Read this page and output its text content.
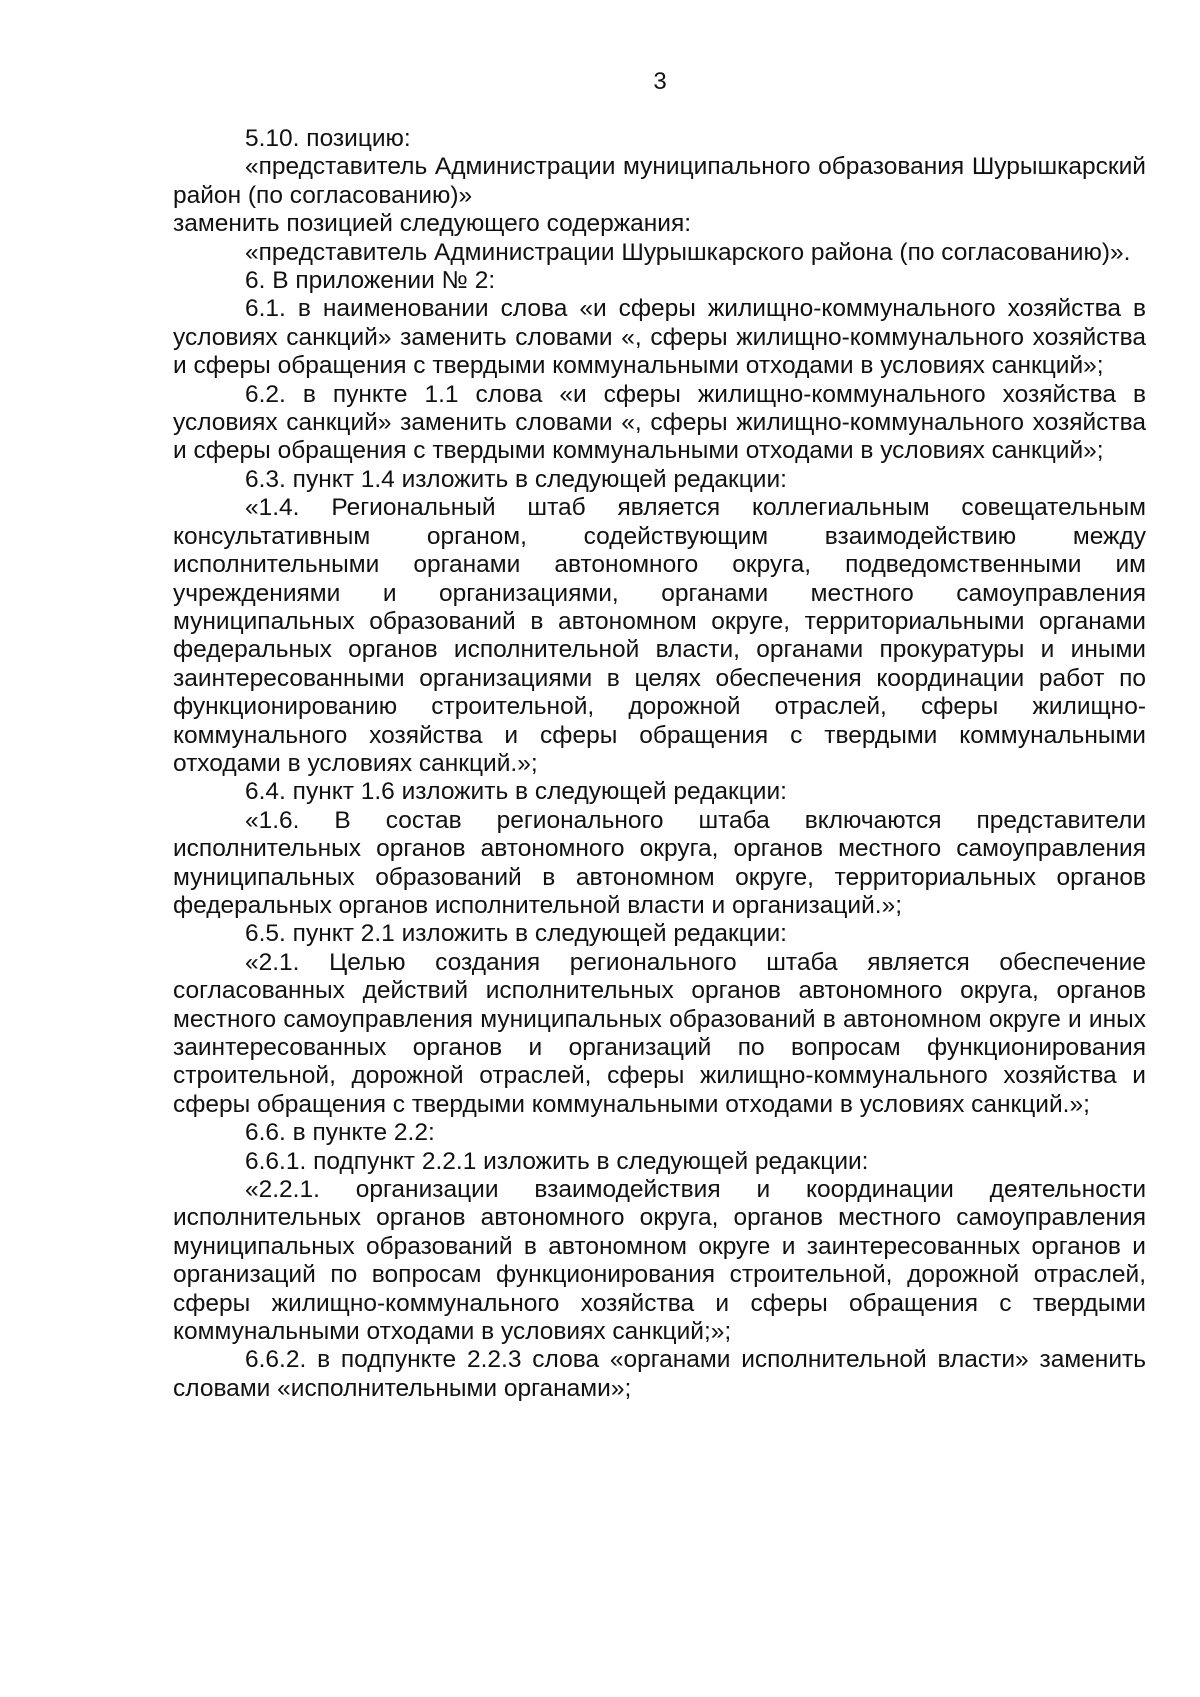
3

5.10. позицию:

«представитель Администрации муниципального образования Шурышкарский район (по согласованию)»

заменить позицией следующего содержания:

«представитель Администрации Шурышкарского района (по согласованию)».

6. В приложении № 2:

6.1. в наименовании слова «и сферы жилищно-коммунального хозяйства в условиях санкций» заменить словами «, сферы жилищно-коммунального хозяйства и сферы обращения с твердыми коммунальными отходами в условиях санкций»;

6.2. в пункте 1.1 слова «и сферы жилищно-коммунального хозяйства в условиях санкций» заменить словами «, сферы жилищно-коммунального хозяйства и сферы обращения с твердыми коммунальными отходами в условиях санкций»;

6.3. пункт 1.4 изложить в следующей редакции:

«1.4. Региональный штаб является коллегиальным совещательным консультативным органом, содействующим взаимодействию между исполнительными органами автономного округа, подведомственными им учреждениями и организациями, органами местного самоуправления муниципальных образований в автономном округе, территориальными органами федеральных органов исполнительной власти, органами прокуратуры и иными заинтересованными организациями в целях обеспечения координации работ по функционированию строительной, дорожной отраслей, сферы жилищно-коммунального хозяйства и сферы обращения с твердыми коммунальными отходами в условиях санкций.»;

6.4. пункт 1.6 изложить в следующей редакции:

«1.6. В состав регионального штаба включаются представители исполнительных органов автономного округа, органов местного самоуправления муниципальных образований в автономном округе, территориальных органов федеральных органов исполнительной власти и организаций.»;

6.5. пункт 2.1 изложить в следующей редакции:

«2.1. Целью создания регионального штаба является обеспечение согласованных действий исполнительных органов автономного округа, органов местного самоуправления муниципальных образований в автономном округе и иных заинтересованных органов и организаций по вопросам функционирования строительной, дорожной отраслей, сферы жилищно-коммунального хозяйства и сферы обращения с твердыми коммунальными отходами в условиях санкций.»;

6.6. в пункте 2.2:

6.6.1. подпункт 2.2.1 изложить в следующей редакции:

«2.2.1. организации взаимодействия и координации деятельности исполнительных органов автономного округа, органов местного самоуправления муниципальных образований в автономном округе и заинтересованных органов и организаций по вопросам функционирования строительной, дорожной отраслей, сферы жилищно-коммунального хозяйства и сферы обращения с твердыми коммунальными отходами в условиях санкций;»;

6.6.2. в подпункте 2.2.3 слова «органами исполнительной власти» заменить словами «исполнительными органами»;
